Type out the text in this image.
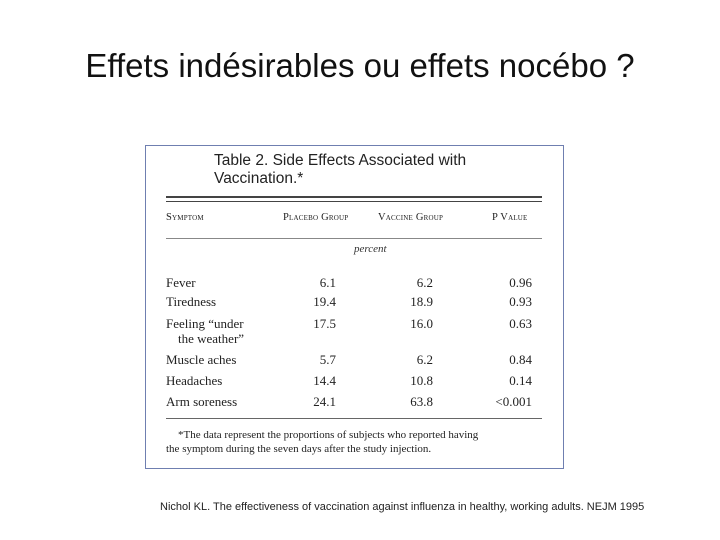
Effets indésirables ou effets nocébo ?
Table 2. Side Effects Associated with Vaccination.*
Symptom	Placebo Group	Vaccine Group	P Value
percent
Fever	6.1	6.2	0.96
Tiredness	19.4	18.9	0.93
Feeling “under	17.5	16.0	0.63
the weather”
Muscle aches	5.7	6.2	0.84
Headaches	14.4	10.8	0.14
Arm soreness	24.1	63.8	<0.001
*The data represent the proportions of subjects who reported having
the symptom during the seven days after the study injection.
Nichol KL. The effectiveness of vaccination against influenza in healthy, working adults. NEJM 1995
